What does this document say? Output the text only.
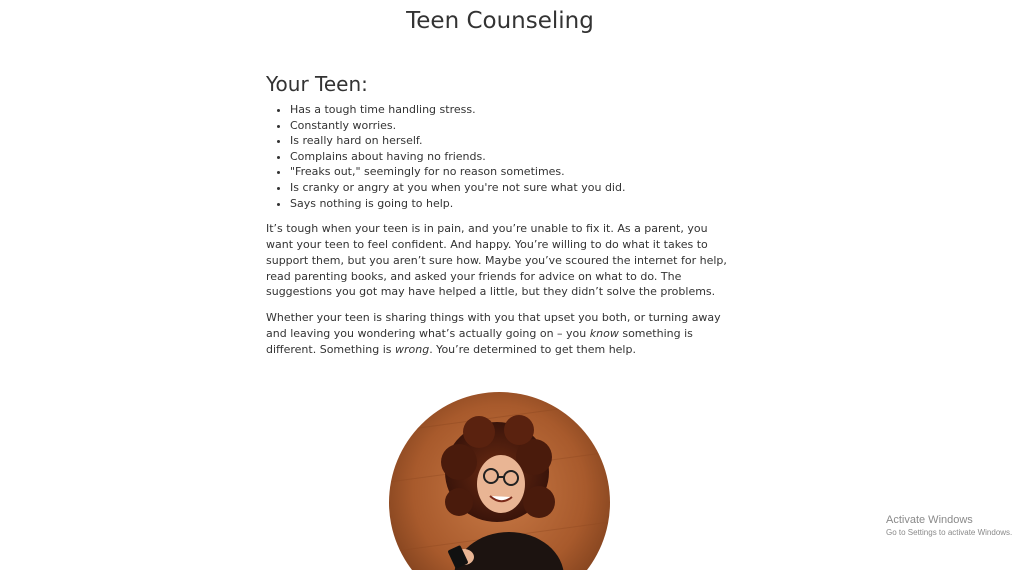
Teen Counseling
Your Teen:
• Has a tough time handling stress.
• Constantly worries.
• Is really hard on herself.
• Complains about having no friends.
• "Freaks out," seemingly for no reason sometimes.
• Is cranky or angry at you when you're not sure what you did.
• Says nothing is going to help.

It’s tough when your teen is in pain, and you’re unable to fix it. As a parent, you want your teen to feel confident. And happy. You’re willing to do what it takes to support them, but you aren’t sure how. Maybe you’ve scoured the internet for help, read parenting books, and asked your friends for advice on what to do. The suggestions you got may have helped a little, but they didn’t solve the problems.

Whether your teen is sharing things with you that upset you both, or turning away and leaving you wondering what’s actually going on – you know something is different. Something is wrong. You’re determined to get them help.

Activate Windows
Go to Settings to activate Windows.
